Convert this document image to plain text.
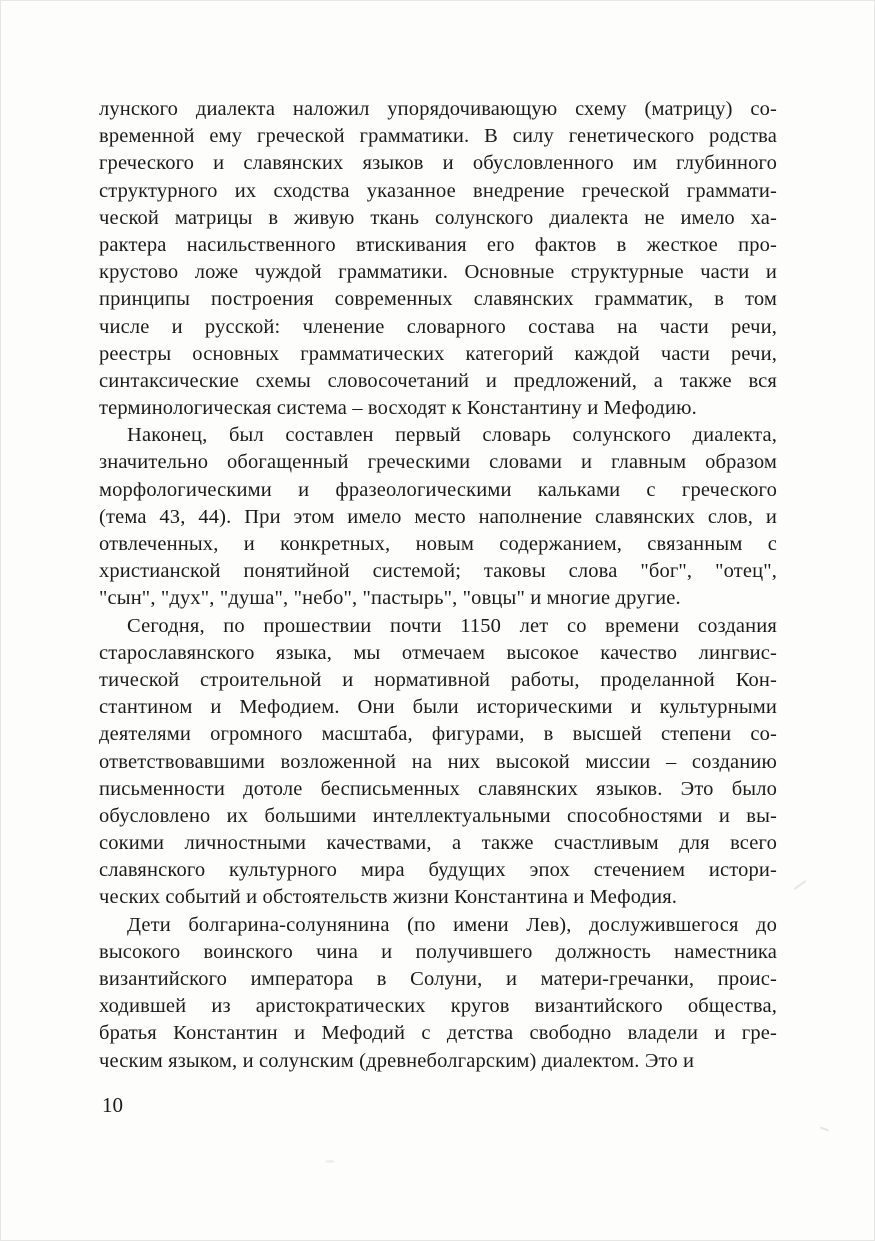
лунского диалекта наложил упорядочивающую схему (матрицу) со-
временной ему греческой грамматики. В силу генетического родства
греческого и славянских языков и обусловленного им глубинного
структурного их сходства указанное внедрение греческой граммати-
ческой матрицы в живую ткань солунского диалекта не имело ха-
рактера насильственного втискивания его фактов в жесткое про-
крустово ложе чуждой грамматики. Основные структурные части и
принципы построения современных славянских грамматик, в том
числе и русской: членение словарного состава на части речи,
реестры основных грамматических категорий каждой части речи,
синтаксические схемы словосочетаний и предложений, а также вся
терминологическая система – восходят к Константину и Мефодию.

Наконец, был составлен первый словарь солунского диалекта,
значительно обогащенный греческими словами и главным образом
морфологическими и фразеологическими кальками с греческого
(тема 43, 44). При этом имело место наполнение славянских слов, и
отвлеченных, и конкретных, новым содержанием, связанным с
христианской понятийной системой; таковы слова "бог", "отец",
"сын", "дух", "душа", "небо", "пастырь", "овцы" и многие другие.

Сегодня, по прошествии почти 1150 лет со времени создания
старославянского языка, мы отмечаем высокое качество лингвис-
тической строительной и нормативной работы, проделанной Кон-
стантином и Мефодием. Они были историческими и культурными
деятелями огромного масштаба, фигурами, в высшей степени со-
ответствовавшими возложенной на них высокой миссии – созданию
письменности дотоле бесписьменных славянских языков. Это было
обусловлено их большими интеллектуальными способностями и вы-
сокими личностными качествами, а также счастливым для всего
славянского культурного мира будущих эпох стечением истори-
ческих событий и обстоятельств жизни Константина и Мефодия.

Дети болгарина-солунянина (по имени Лев), дослужившегося до
высокого воинского чина и получившего должность наместника
византийского императора в Солуни, и матери-гречанки, проис-
ходившей из аристократических кругов византийского общества,
братья Константин и Мефодий с детства свободно владели и гре-
ческим языком, и солунским (древнеболгарским) диалектом. Это и

10
